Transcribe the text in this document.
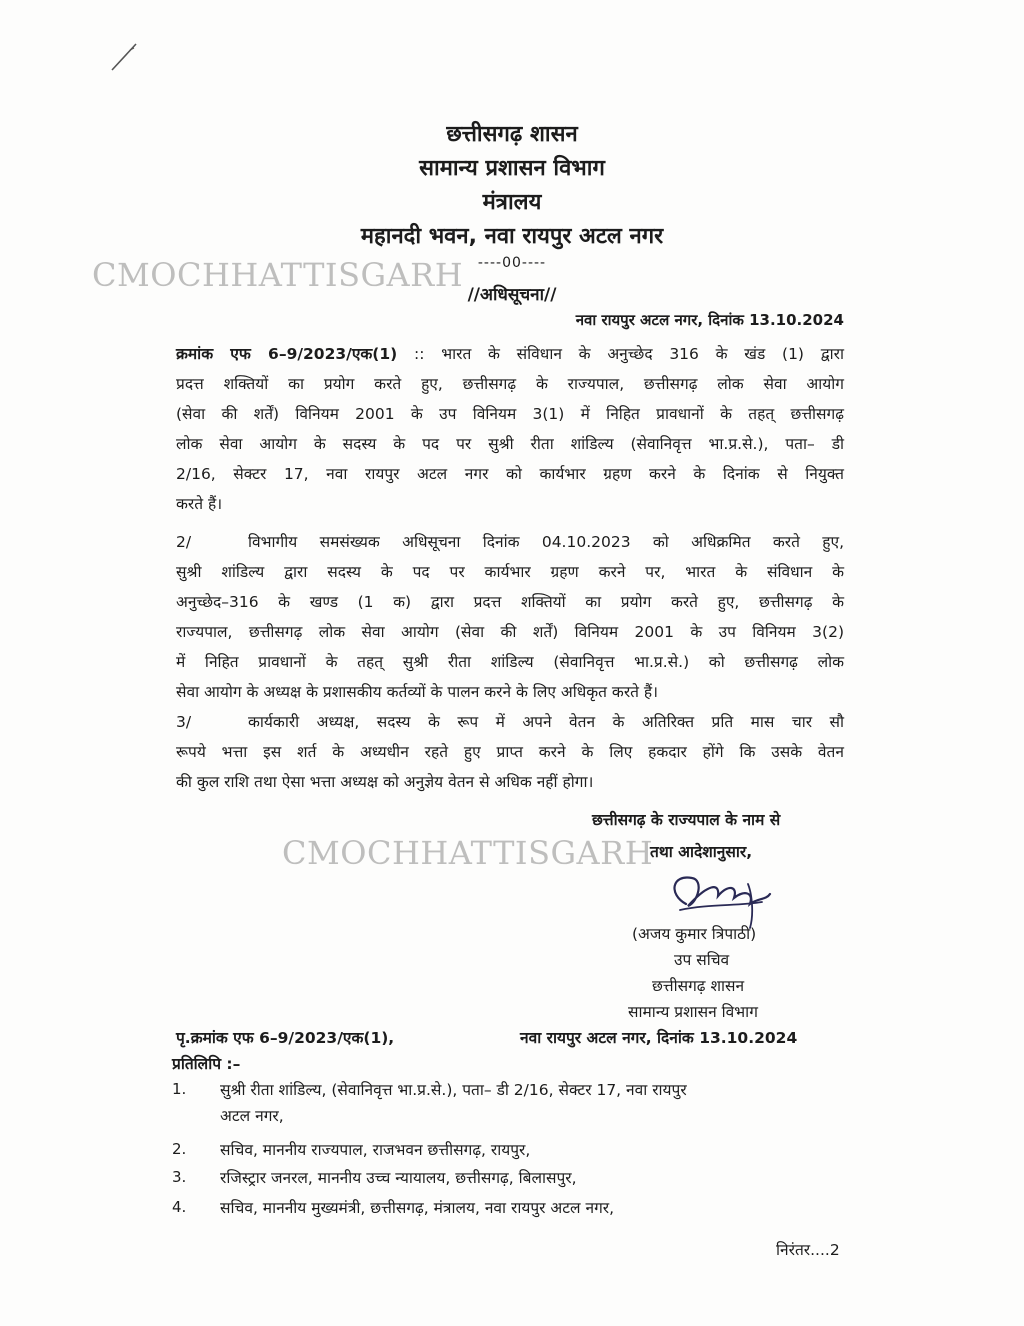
छत्तीसगढ़ शासन
सामान्य प्रशासन विभाग
मंत्रालय
महानदी भवन, नवा रायपुर अटल नगर
----00----
//अधिसूचना//
CMOCHHATTISGARH
नवा रायपुर अटल नगर, दिनांक 13.10.2024
क्रमांक एफ 6–9/2023/एक(1) :: भारत के संविधान के अनुच्छेद 316 के खंड (1) द्वारा
प्रदत्त शक्तियों का प्रयोग करते हुए, छत्तीसगढ़ के राज्यपाल, छत्तीसगढ़ लोक सेवा आयोग
(सेवा की शर्तें) विनियम 2001 के उप विनियम 3(1) में निहित प्रावधानों के तहत् छत्तीसगढ़
लोक सेवा आयोग के सदस्य के पद पर सुश्री रीता शांडिल्य (सेवानिवृत्त भा.प्र.से.), पता– डी
2/16, सेक्टर 17, नवा रायपुर अटल नगर को कार्यभार ग्रहण करने के दिनांक से नियुक्त
करते हैं।
2/	विभागीय समसंख्यक अधिसूचना दिनांक 04.10.2023 को अधिक्रमित करते हुए,
सुश्री शांडिल्य द्वारा सदस्य के पद पर कार्यभार ग्रहण करने पर, भारत के संविधान के
अनुच्छेद–316 के खण्ड (1 क) द्वारा प्रदत्त शक्तियों का प्रयोग करते हुए, छत्तीसगढ़ के
राज्यपाल, छत्तीसगढ़ लोक सेवा आयोग (सेवा की शर्तें) विनियम 2001 के उप विनियम 3(2)
में निहित प्रावधानों के तहत् सुश्री रीता शांडिल्य (सेवानिवृत्त भा.प्र.से.) को छत्तीसगढ़ लोक
सेवा आयोग के अध्यक्ष के प्रशासकीय कर्तव्यों के पालन करने के लिए अधिकृत करते हैं।
3/	कार्यकारी अध्यक्ष, सदस्य के रूप में अपने वेतन के अतिरिक्त प्रति मास चार सौ
रूपये भत्ता इस शर्त के अध्यधीन रहते हुए प्राप्त करने के लिए हकदार होंगे कि उसके वेतन
की कुल राशि तथा ऐसा भत्ता अध्यक्ष को अनुज्ञेय वेतन से अधिक नहीं होगा।
छत्तीसगढ़ के राज्यपाल के नाम से
तथा आदेशानुसार,
CMOCHHATTISGARH
(अजय कुमार त्रिपाठी)
उप सचिव
छत्तीसगढ़ शासन
सामान्य प्रशासन विभाग
पृ.क्रमांक एफ 6–9/2023/एक(1),	नवा रायपुर अटल नगर, दिनांक 13.10.2024
प्रतिलिपि :–
1. सुश्री रीता शांडिल्य, (सेवानिवृत्त भा.प्र.से.), पता– डी 2/16, सेक्टर 17, नवा रायपुर
अटल नगर,
2. सचिव, माननीय राज्यपाल, राजभवन छत्तीसगढ़, रायपुर,
3. रजिस्ट्रार जनरल, माननीय उच्च न्यायालय, छत्तीसगढ़, बिलासपुर,
4. सचिव, माननीय मुख्यमंत्री, छत्तीसगढ़, मंत्रालय, नवा रायपुर अटल नगर,
निरंतर....2
